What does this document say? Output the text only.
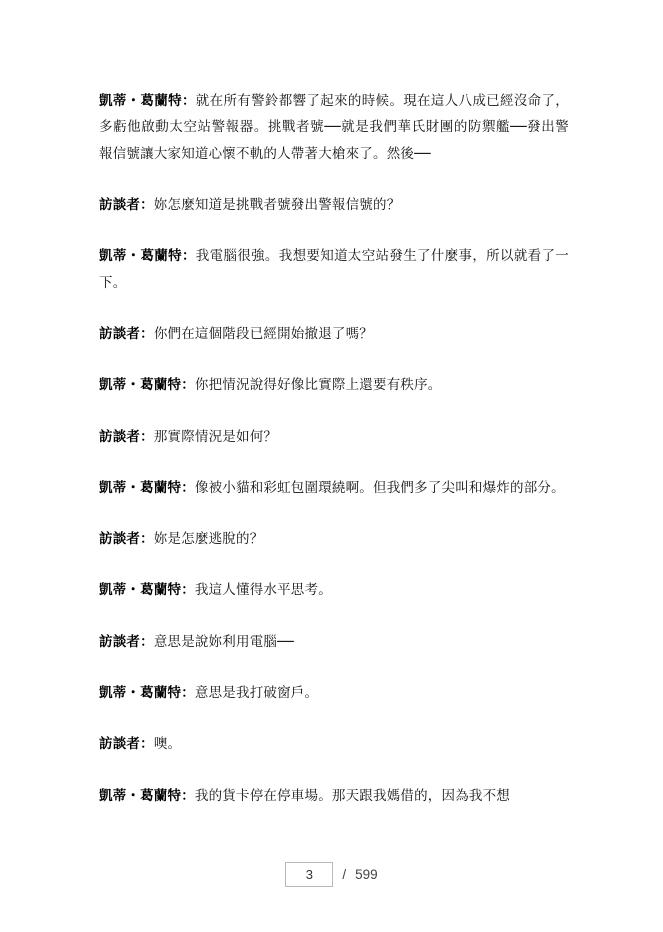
凱蒂・葛蘭特：就在所有警鈴都響了起來的時候。現在這人八成已經沒命了，多虧他啟動太空站警報器。挑戰者號──就是我們華氏財團的防禦艦──發出警報信號讓大家知道心懷不軌的人帶著大槍來了。然後──

訪談者：妳怎麼知道是挑戰者號發出警報信號的？

凱蒂・葛蘭特：我電腦很強。我想要知道太空站發生了什麼事，所以就看了一下。

訪談者：你們在這個階段已經開始撤退了嗎？

凱蒂・葛蘭特：你把情況說得好像比實際上還要有秩序。

訪談者：那實際情況是如何？

凱蒂・葛蘭特：像被小貓和彩虹包圍環繞啊。但我們多了尖叫和爆炸的部分。

訪談者：妳是怎麼逃脫的？

凱蒂・葛蘭特：我這人懂得水平思考。

訪談者：意思是說妳利用電腦──

凱蒂・葛蘭特：意思是我打破窗戶。

訪談者：噢。

凱蒂・葛蘭特：我的貨卡停在停車場。那天跟我媽借的，因為我不想

3	/ 599
